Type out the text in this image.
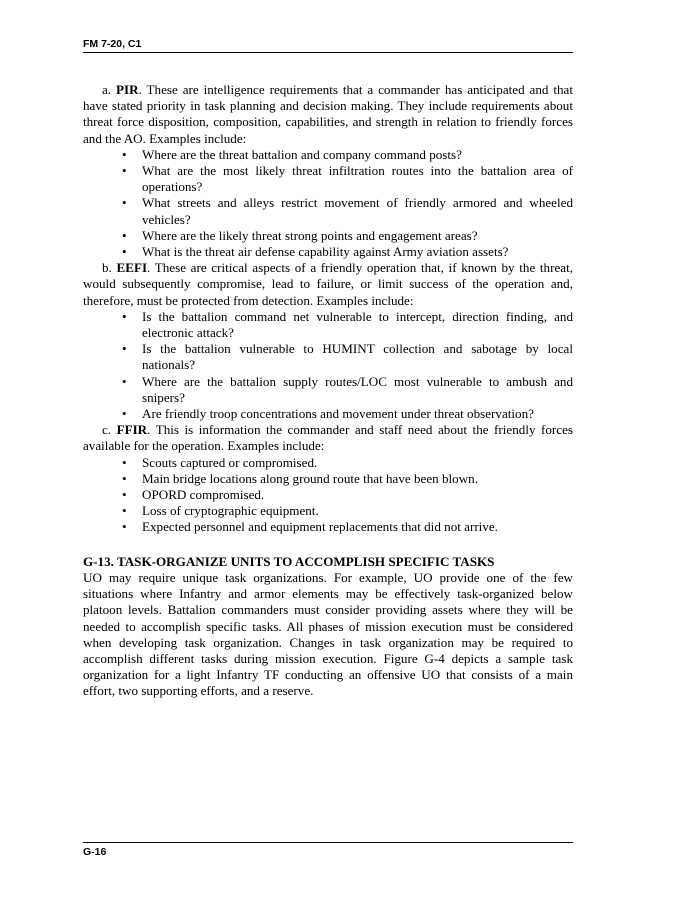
FM 7-20, C1

a. PIR. These are intelligence requirements that a commander has anticipated and that have stated priority in task planning and decision making. They include requirements about threat force disposition, composition, capabilities, and strength in relation to friendly forces and the AO. Examples include:

• Where are the threat battalion and company command posts?
• What are the most likely threat infiltration routes into the battalion area of operations?
• What streets and alleys restrict movement of friendly armored and wheeled vehicles?
• Where are the likely threat strong points and engagement areas?
• What is the threat air defense capability against Army aviation assets?

b. EEFI. These are critical aspects of a friendly operation that, if known by the threat, would subsequently compromise, lead to failure, or limit success of the operation and, therefore, must be protected from detection. Examples include:

• Is the battalion command net vulnerable to intercept, direction finding, and electronic attack?
• Is the battalion vulnerable to HUMINT collection and sabotage by local nationals?
• Where are the battalion supply routes/LOC most vulnerable to ambush and snipers?
• Are friendly troop concentrations and movement under threat observation?

c. FFIR. This is information the commander and staff need about the friendly forces available for the operation. Examples include:

• Scouts captured or compromised.
• Main bridge locations along ground route that have been blown.
• OPORD compromised.
• Loss of cryptographic equipment.
• Expected personnel and equipment replacements that did not arrive.

G-13. TASK-ORGANIZE UNITS TO ACCOMPLISH SPECIFIC TASKS

UO may require unique task organizations. For example, UO provide one of the few situations where Infantry and armor elements may be effectively task-organized below platoon levels. Battalion commanders must consider providing assets where they will be needed to accomplish specific tasks. All phases of mission execution must be considered when developing task organization. Changes in task organization may be required to accomplish different tasks during mission execution. Figure G-4 depicts a sample task organization for a light Infantry TF conducting an offensive UO that consists of a main effort, two supporting efforts, and a reserve.

G-16
